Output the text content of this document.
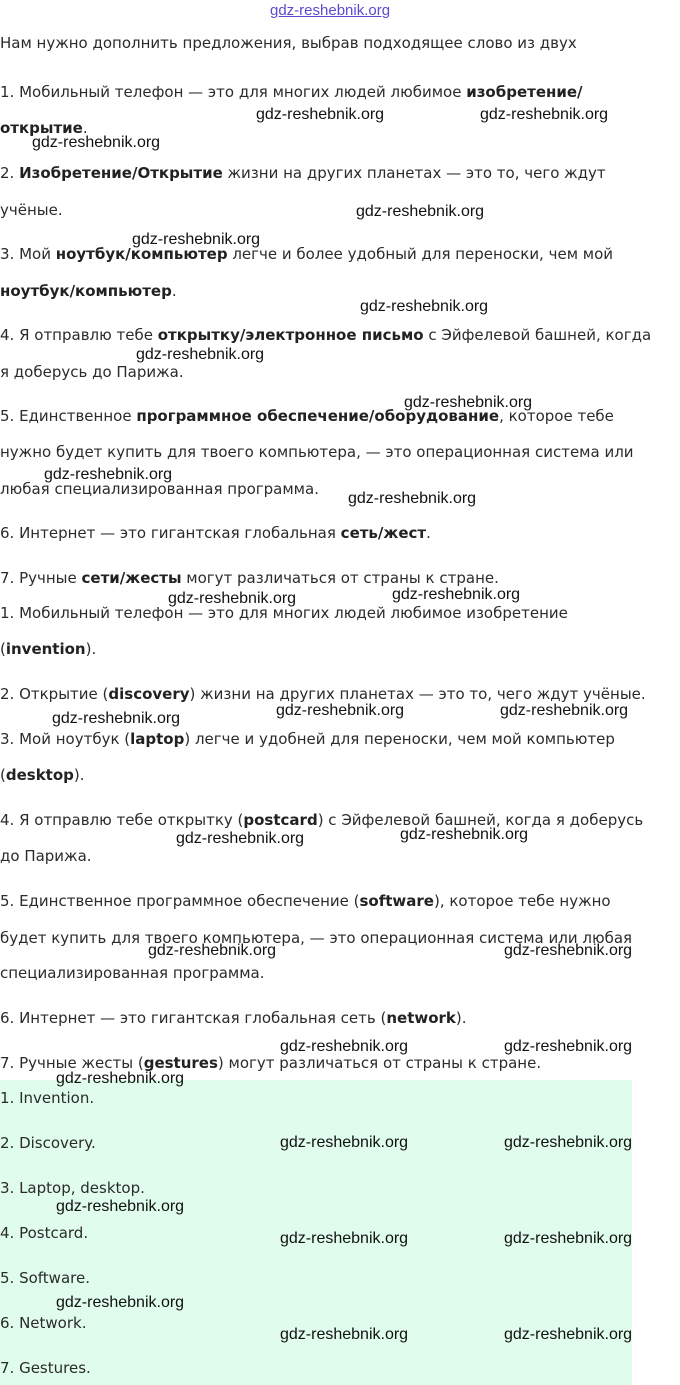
gdz-reshebnik.org
Нам нужно дополнить предложения, выбрав подходящее слово из двух
1. Мобильный телефон — это для многих людей любимое изобретение/
открытие.
2. Изобретение/Открытие жизни на других планетах — это то, чего ждут
учёные.
3. Мой ноутбук/компьютер легче и более удобный для переноски, чем мой
ноутбук/компьютер.
4. Я отправлю тебе открытку/электронное письмо с Эйфелевой башней, когда
я доберусь до Парижа.
5. Единственное программное обеспечение/оборудование, которое тебе
нужно будет купить для твоего компьютера, — это операционная система или
любая специализированная программа.
6. Интернет — это гигантская глобальная сеть/жест.
7. Ручные сети/жесты могут различаться от страны к стране.
1. Мобильный телефон — это для многих людей любимое изобретение
(invention).
2. Открытие (discovery) жизни на других планетах — это то, чего ждут учёные.
3. Мой ноутбук (laptop) легче и удобней для переноски, чем мой компьютер
(desktop).
4. Я отправлю тебе открытку (postcard) с Эйфелевой башней, когда я доберусь
до Парижа.
5. Единственное программное обеспечение (software), которое тебе нужно
будет купить для твоего компьютера, — это операционная система или любая
специализированная программа.
6. Интернет — это гигантская глобальная сеть (network).
7. Ручные жесты (gestures) могут различаться от страны к стране.
1. Invention.
2. Discovery.
3. Laptop, desktop.
4. Postcard.
5. Software.
6. Network.
7. Gestures.
gdz-reshebnik.org	gdz-reshebnik.org
gdz-reshebnik.org
gdz-reshebnik.org
gdz-reshebnik.org
gdz-reshebnik.org
gdz-reshebnik.org
gdz-reshebnik.org
gdz-reshebnik.org
gdz-reshebnik.org
gdz-reshebnik.org	gdz-reshebnik.org
gdz-reshebnik.org	gdz-reshebnik.org	gdz-reshebnik.org
gdz-reshebnik.org	gdz-reshebnik.org
gdz-reshebnik.org	gdz-reshebnik.org
gdz-reshebnik.org	gdz-reshebnik.org
gdz-reshebnik.org
gdz-reshebnik.org	gdz-reshebnik.org
gdz-reshebnik.org
gdz-reshebnik.org	gdz-reshebnik.org
gdz-reshebnik.org
gdz-reshebnik.org	gdz-reshebnik.org
